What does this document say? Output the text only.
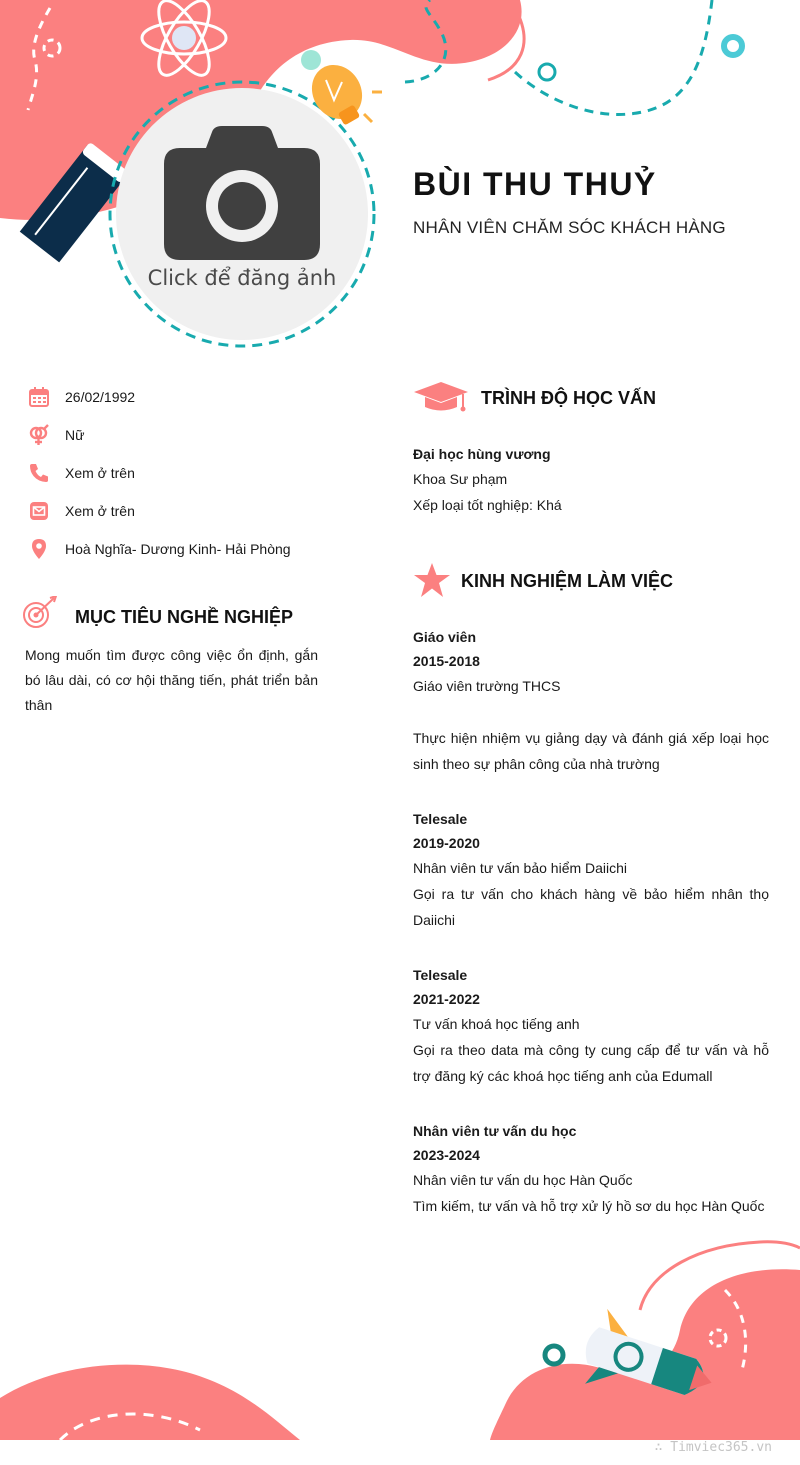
Click để đăng ảnh
BÙI THU THUỶ
NHÂN VIÊN CHĂM SÓC KHÁCH HÀNG
26/02/1992
Nữ
Xem ở trên
Xem ở trên
Hoà Nghĩa- Dương Kinh- Hải Phòng
MỤC TIÊU NGHỀ NGHIỆP
Mong muốn tìm được công việc ổn định, gắn bó lâu dài, có cơ hội thăng tiến, phát triển bản thân
TRÌNH ĐỘ HỌC VẤN
Đại học hùng vương
Khoa Sư phạm
Xếp loại tốt nghiệp: Khá
KINH NGHIỆM LÀM VIỆC
Giáo viên
2015-2018
Giáo viên trường THCS
Thực hiện nhiệm vụ giảng dạy và đánh giá xếp loại học sinh theo sự phân công của nhà trường
Telesale
2019-2020
Nhân viên tư vấn bảo hiểm Daiichi
Gọi ra tư vấn cho khách hàng về bảo hiểm nhân thọ Daiichi
Telesale
2021-2022
Tư vấn khoá học tiếng anh
Gọi ra theo data mà công ty cung cấp để tư vấn và hỗ trợ đăng ký các khoá học tiếng anh của Edumall
Nhân viên tư vấn du học
2023-2024
Nhân viên tư vấn du học Hàn Quốc
Tìm kiếm, tư vấn và hỗ trợ xử lý hồ sơ du học Hàn Quốc
∴ Timviec365.vn
